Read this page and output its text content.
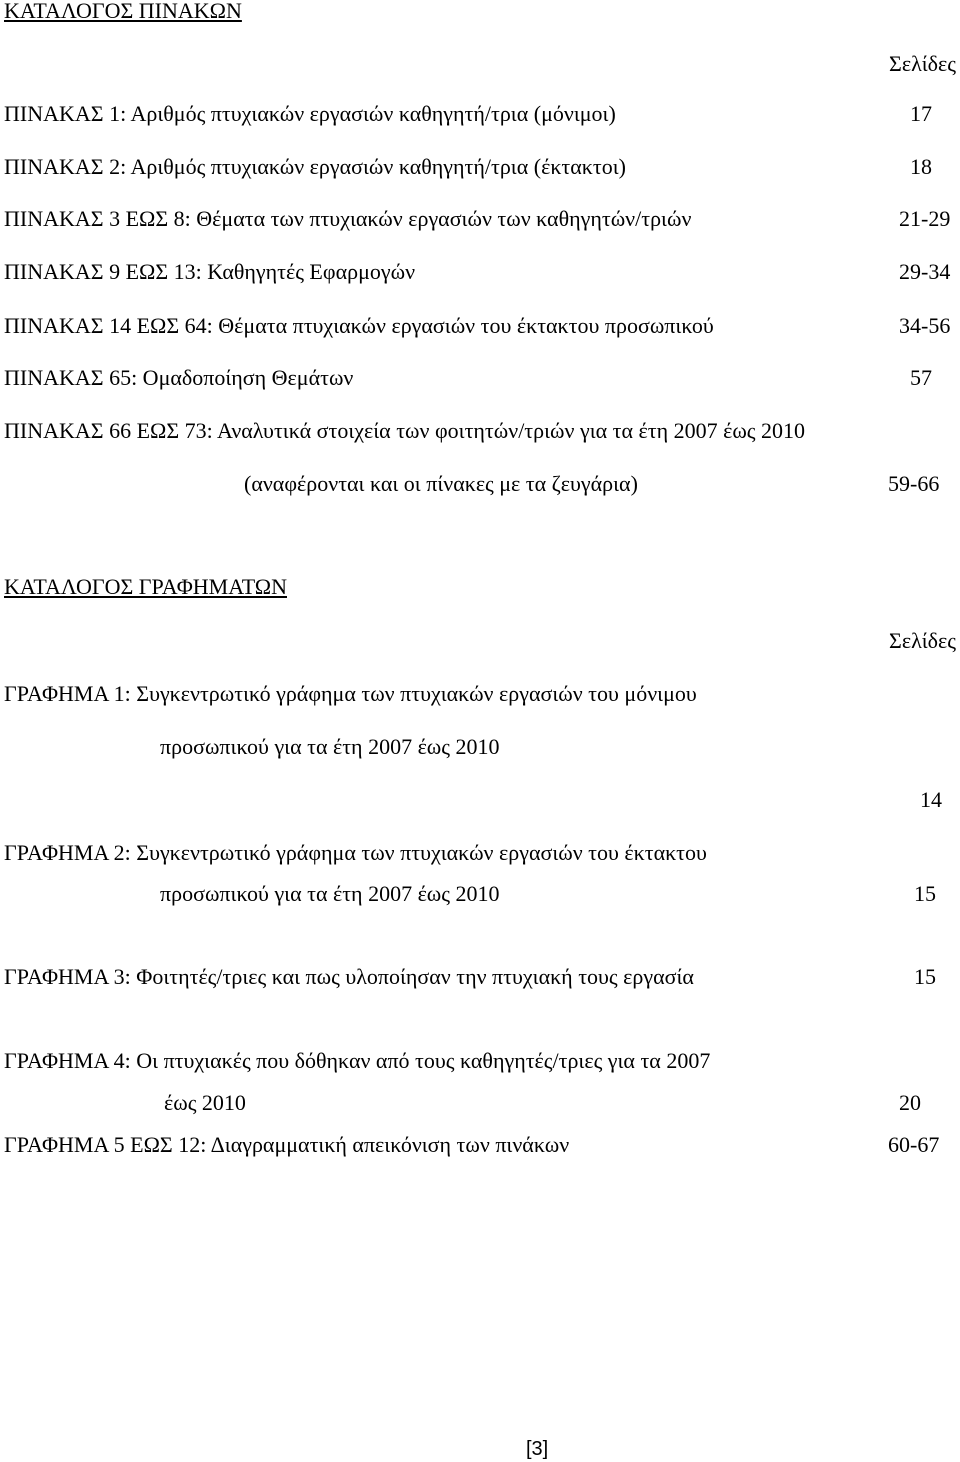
ΚΑΤΑΛΟΓΟΣ ΠΙΝΑΚΩΝ
Σελίδες
ΠΙΝΑΚΑΣ 1: Αριθμός πτυχιακών εργασιών καθηγητή/τρια (μόνιμοι)	17
ΠΙΝΑΚΑΣ 2: Αριθμός πτυχιακών εργασιών καθηγητή/τρια (έκτακτοι)	18
ΠΙΝΑΚΑΣ 3 ΕΩΣ 8: Θέματα των πτυχιακών εργασιών των καθηγητών/τριών	21-29
ΠΙΝΑΚΑΣ 9 ΕΩΣ 13: Καθηγητές Εφαρμογών	29-34
ΠΙΝΑΚΑΣ 14 ΕΩΣ 64: Θέματα πτυχιακών εργασιών του έκτακτου προσωπικού	34-56
ΠΙΝΑΚΑΣ 65: Ομαδοποίηση Θεμάτων	57
ΠΙΝΑΚΑΣ 66 ΕΩΣ 73: Αναλυτικά στοιχεία των φοιτητών/τριών για τα έτη 2007 έως 2010
(αναφέρονται και οι πίνακες με τα ζευγάρια)	59-66
ΚΑΤΑΛΟΓΟΣ ΓΡΑΦΗΜΑΤΩΝ
Σελίδες
ΓΡΑΦΗΜΑ 1: Συγκεντρωτικό γράφημα των πτυχιακών εργασιών του μόνιμου
προσωπικού για τα έτη 2007 έως 2010
14
ΓΡΑΦΗΜΑ 2: Συγκεντρωτικό γράφημα των πτυχιακών εργασιών του έκτακτου
προσωπικού για τα έτη 2007 έως 2010	15
ΓΡΑΦΗΜΑ 3: Φοιτητές/τριες και πως υλοποίησαν την πτυχιακή τους εργασία	15
ΓΡΑΦΗΜΑ 4: Οι πτυχιακές που δόθηκαν από τους καθηγητές/τριες για τα 2007
έως 2010	20
ΓΡΑΦΗΜΑ 5 ΕΩΣ 12: Διαγραμματική απεικόνιση των πινάκων	60-67
[3]
